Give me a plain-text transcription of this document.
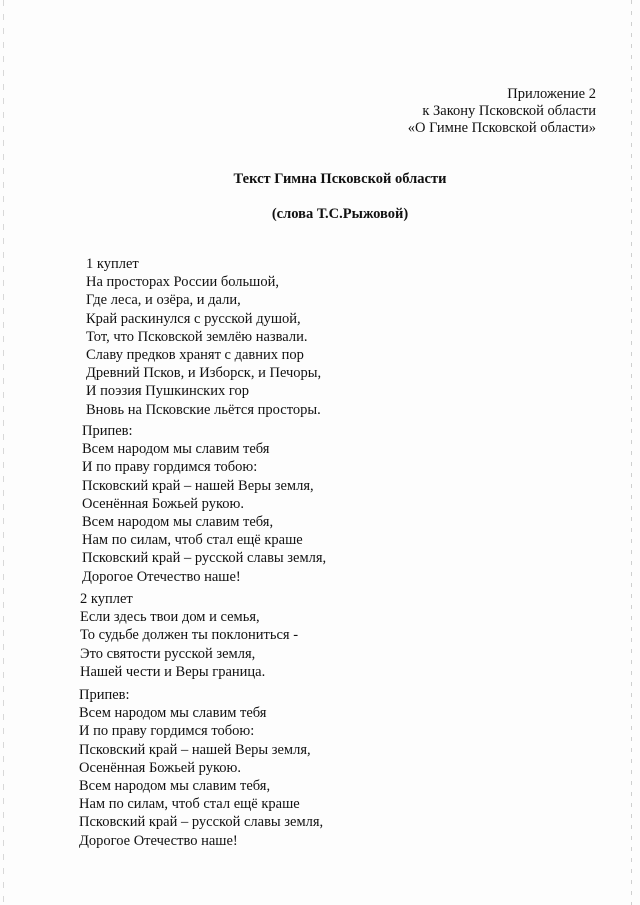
Приложение 2
к Закону Псковской области
«О Гимне Псковской области»
Текст Гимна Псковской области
(слова Т.С.Рыжовой)
1 куплет
На просторах России большой,
Где леса, и озёра, и дали,
Край раскинулся с русской душой,
Тот, что Псковской землёю назвали.
Славу предков хранят с давних пор
Древний Псков, и Изборск, и Печоры,
И поэзия Пушкинских гор
Вновь на Псковские льётся просторы.
Припев:
Всем народом мы славим тебя
И по праву гордимся тобою:
Псковский край – нашей Веры земля,
Осенённая Божьей рукою.
Всем народом мы славим тебя,
Нам по силам, чтоб стал ещё краше
Псковский край – русской славы земля,
Дорогое Отечество наше!
2 куплет
Если здесь твои дом и семья,
То судьбе должен ты поклониться -
Это святости русской земля,
Нашей чести и Веры граница.
Припев:
Всем народом мы славим тебя
И по праву гордимся тобою:
Псковский край – нашей Веры земля,
Осенённая Божьей рукою.
Всем народом мы славим тебя,
Нам по силам, чтоб стал ещё краше
Псковский край – русской славы земля,
Дорогое Отечество наше!
